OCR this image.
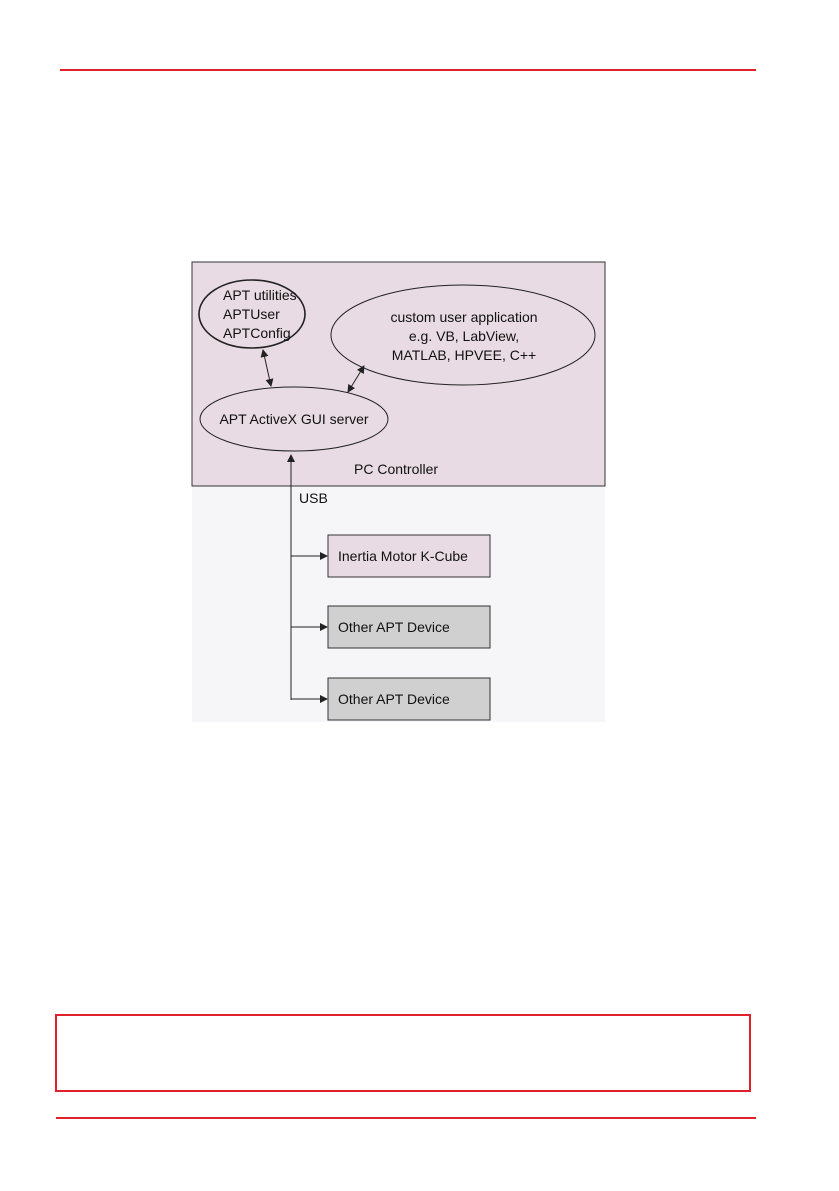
APT utilities
APTUser
APTConfig
custom user application
e.g. VB, LabView,
MATLAB, HPVEE, C++
APT ActiveX GUI server
PC Controller
USB
Inertia Motor K-Cube
Other APT Device
Other APT Device
